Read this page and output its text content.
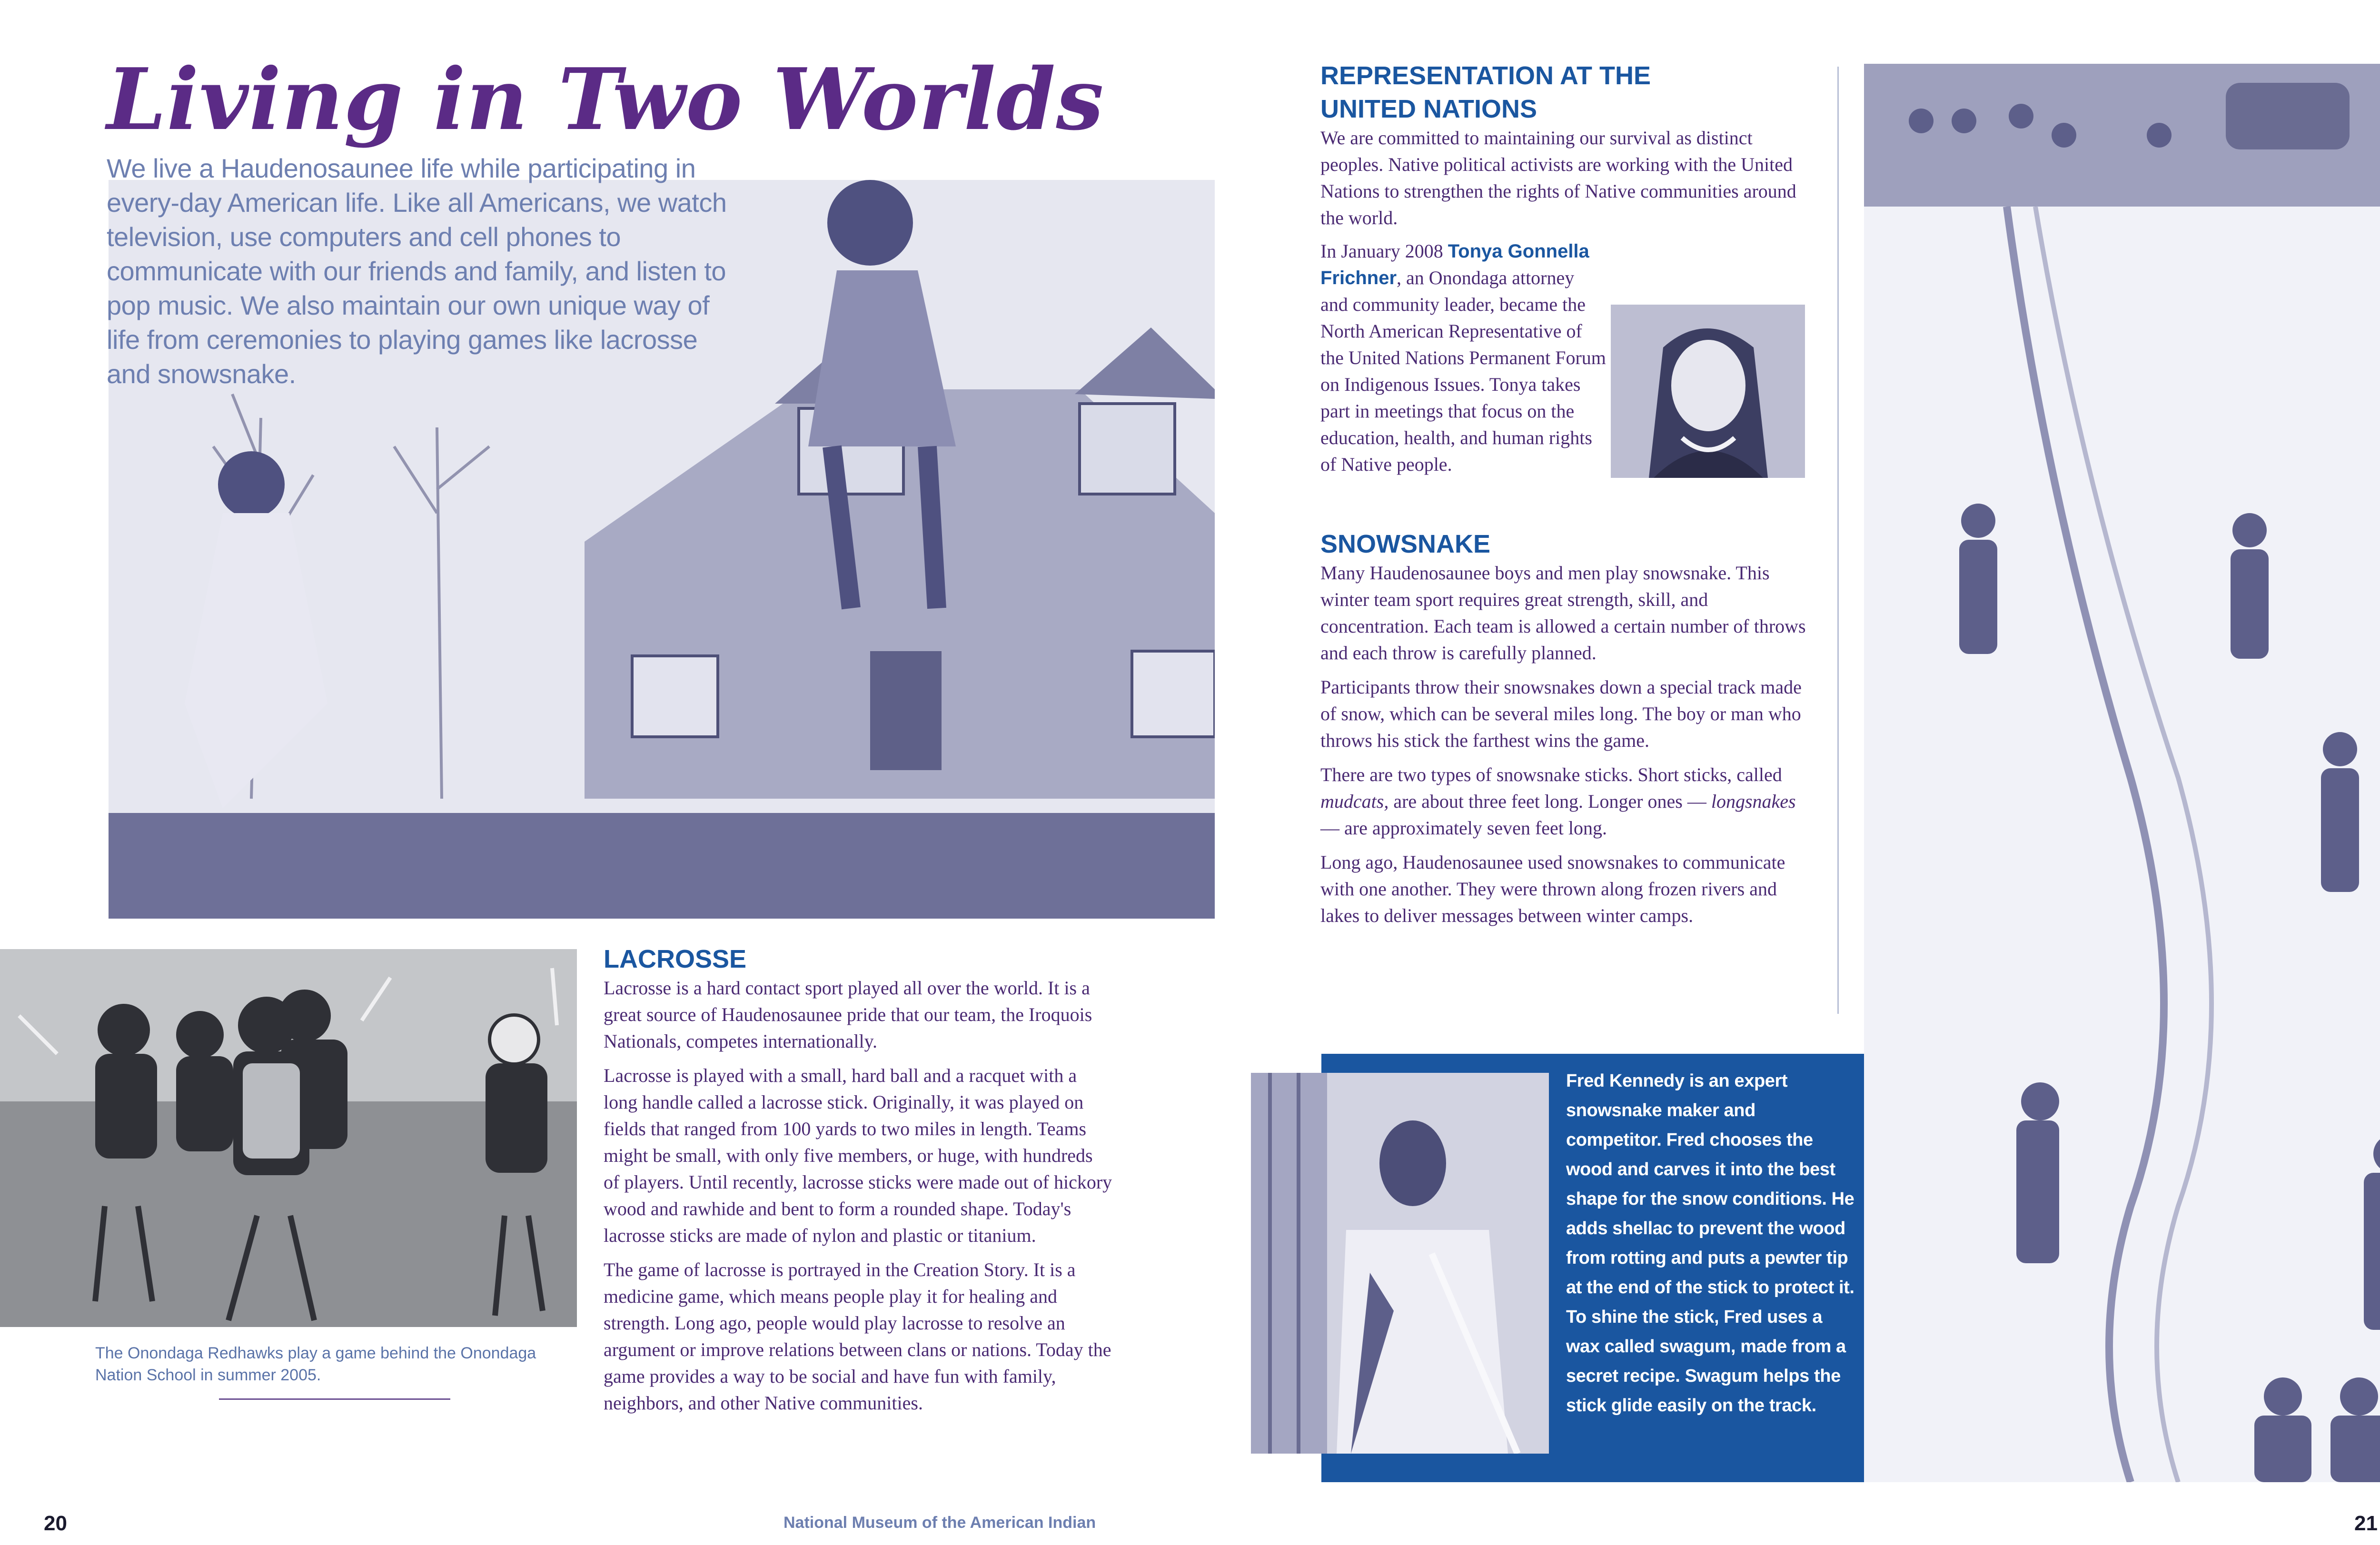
Living in Two Worlds
We live a Haudenosaunee life while participating in every-day American life. Like all Americans, we watch television, use computers and cell phones to communicate with our friends and family, and listen to pop music. We also maintain our own unique way of life from ceremonies to playing games like lacrosse and snowsnake.
The Onondaga Redhawks play a game behind the Onondaga Nation School in summer 2005.
LACROSSE

Lacrosse is a hard contact sport played all over the world. It is a great source of Haudenosaunee pride that our team, the Iroquois Nationals, competes internationally.

Lacrosse is played with a small, hard ball and a racquet with a long handle called a lacrosse stick. Originally, it was played on fields that ranged from 100 yards to two miles in length. Teams might be small, with only five members, or huge, with hundreds of players. Until recently, lacrosse sticks were made out of hickory wood and rawhide and bent to form a rounded shape. Today's lacrosse sticks are made of nylon and plastic or titanium.

The game of lacrosse is portrayed in the Creation Story. It is a medicine game, which means people play it for healing and strength. Long ago, people would play lacrosse to resolve an argument or improve relations between clans or nations. Today the game provides a way to be social and have fun with family, neighbors, and other Native communities.

20	National Museum of the American Indian	21
REPRESENTATION AT THE
UNITED NATIONS

We are committed to maintaining our survival as distinct peoples. Native political activists are working with the United Nations to strengthen the rights of Native communities around the world.

In January 2008 Tonya Gonnella Frichner, an Onondaga attorney and community leader, became the North American Representative of the United Nations Permanent Forum on Indigenous Issues. Tonya takes part in meetings that focus on the education, health, and human rights of Native people.

SNOWSNAKE

Many Haudenosaunee boys and men play snowsnake. This winter team sport requires great strength, skill, and concentration. Each team is allowed a certain number of throws and each throw is carefully planned.

Participants throw their snowsnakes down a special track made of snow, which can be several miles long. The boy or man who throws his stick the farthest wins the game.

There are two types of snowsnake sticks. Short sticks, called mudcats, are about three feet long. Longer ones — longsnakes — are approximately seven feet long.

Long ago, Haudenosaunee used snowsnakes to communicate with one another. They were thrown along frozen rivers and lakes to deliver messages between winter camps.

Fred Kennedy is an expert snowsnake maker and competitor. Fred chooses the wood and carves it into the best shape for the snow conditions. He adds shellac to prevent the wood from rotting and puts a pewter tip at the end of the stick to protect it. To shine the stick, Fred uses a wax called swagum, made from a secret recipe. Swagum helps the stick glide easily on the track.
